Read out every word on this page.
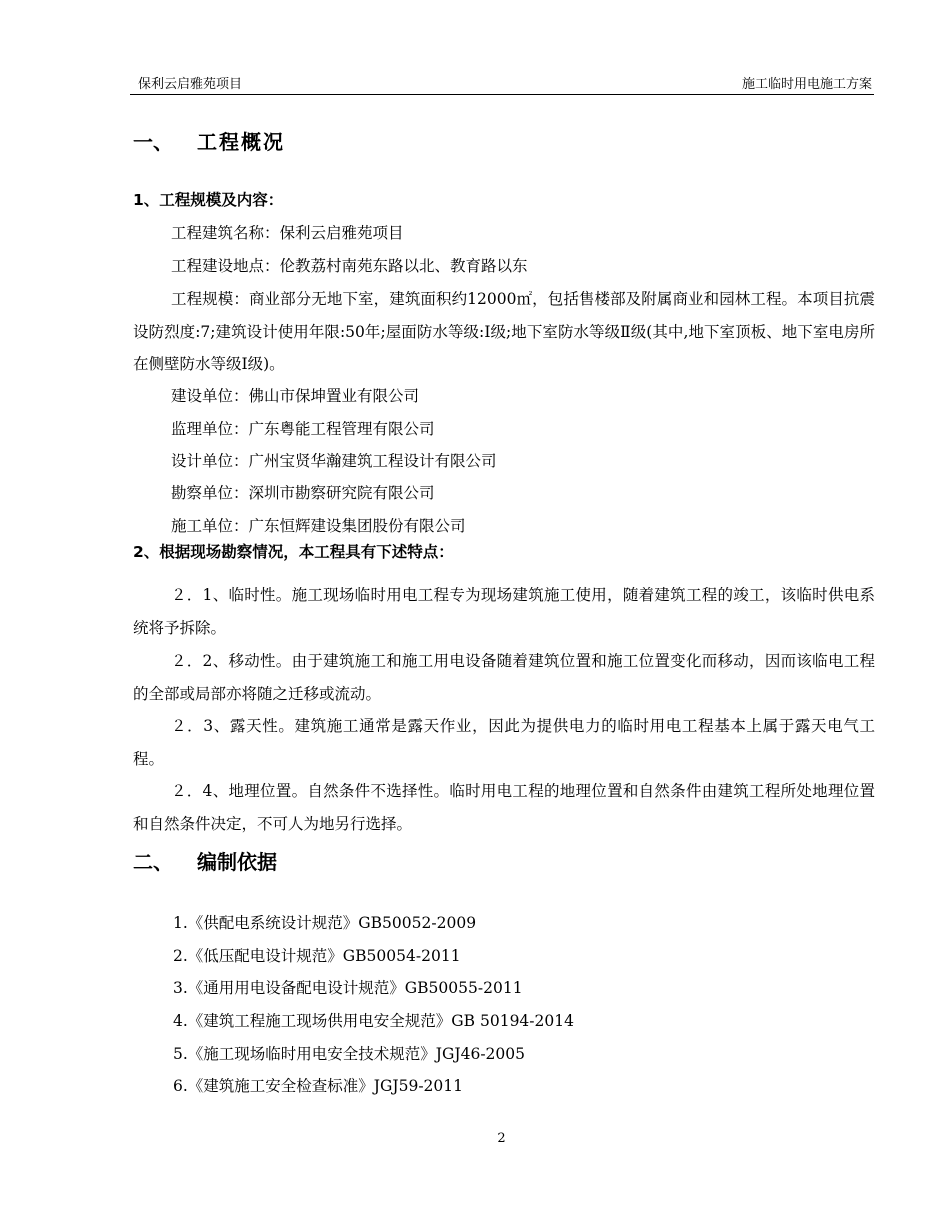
保利云启雅苑项目	施工临时用电施工方案
一、 工程概况
1、工程规模及内容：
工程建筑名称：保利云启雅苑项目
工程建设地点：伦教荔村南苑东路以北、教育路以东

工程规模：商业部分无地下室，建筑面积约12000㎡，包括售楼部及附属商业和园林工程。本项目抗震设防烈度:7;建筑设计使用年限:50年;屋面防水等级:Ⅰ级;地下室防水等级Ⅱ级(其中,地下室顶板、地下室电房所在侧壁防水等级Ⅰ级)。

建设单位：佛山市保坤置业有限公司
监理单位：广东粤能工程管理有限公司
设计单位：广州宝贤华瀚建筑工程设计有限公司
勘察单位：深圳市勘察研究院有限公司
施工单位：广东恒辉建设集团股份有限公司
2、根据现场勘察情况，本工程具有下述特点：

２．1、临时性。施工现场临时用电工程专为现场建筑施工使用，随着建筑工程的竣工，该临时供电系统将予拆除。

２．2、移动性。由于建筑施工和施工用电设备随着建筑位置和施工位置变化而移动，因而该临电工程的全部或局部亦将随之迁移或流动。

２．3、露天性。建筑施工通常是露天作业，因此为提供电力的临时用电工程基本上属于露天电气工程。

２．4、地理位置。自然条件不选择性。临时用电工程的地理位置和自然条件由建筑工程所处地理位置和自然条件决定，不可人为地另行选择。

二、 编制依据
1.《供配电系统设计规范》GB50052-2009
2.《低压配电设计规范》GB50054-2011
3.《通用用电设备配电设计规范》GB50055-2011
4.《建筑工程施工现场供用电安全规范》GB 50194-2014
5.《施工现场临时用电安全技术规范》JGJ46-2005
6.《建筑施工安全检查标准》JGJ59-2011
2
